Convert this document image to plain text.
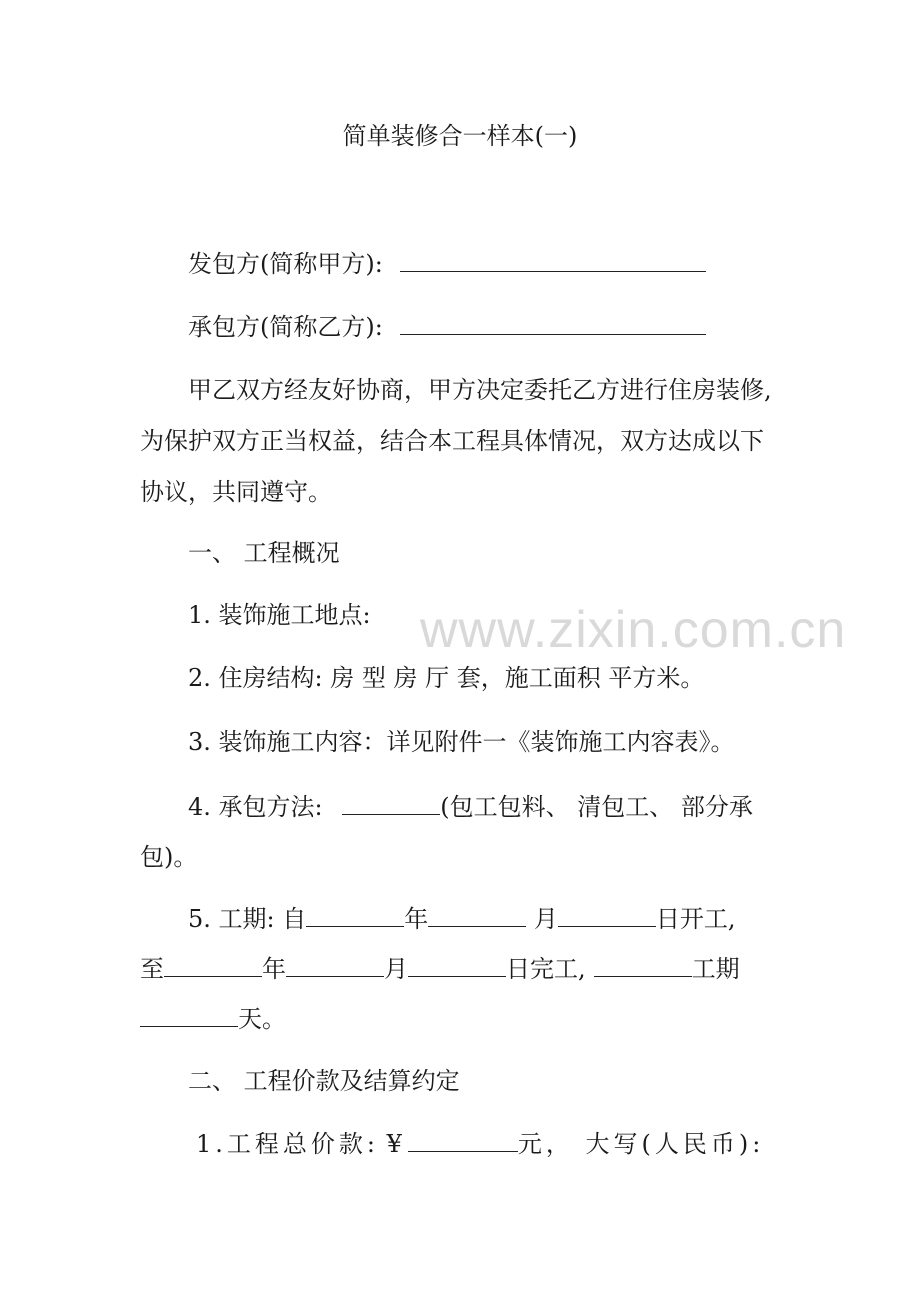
简单装修合一样本(一)
发包方(简称甲方):
承包方(简称乙方):
甲乙双方经友好协商，甲方决定委托乙方进行住房装修,
为保护双方正当权益，结合本工程具体情况，双方达成以下
协议，共同遵守。
一、 工程概况
1. 装饰施工地点:
2. 住房结构: 房 型 房 厅 套，施工面积 平方米。
3. 装饰施工内容：详见附件一《装饰施工内容表》。
4. 承包方法:	(包工包料、 清包工、 部分承
包)。
5. 工期: 自	年	月	日开工,
至	年	月	日完工,	工期
天。
二、 工程价款及结算约定
1.工程总价款: ¥	元， 大写(人民币):
www.zixin.com.cn
